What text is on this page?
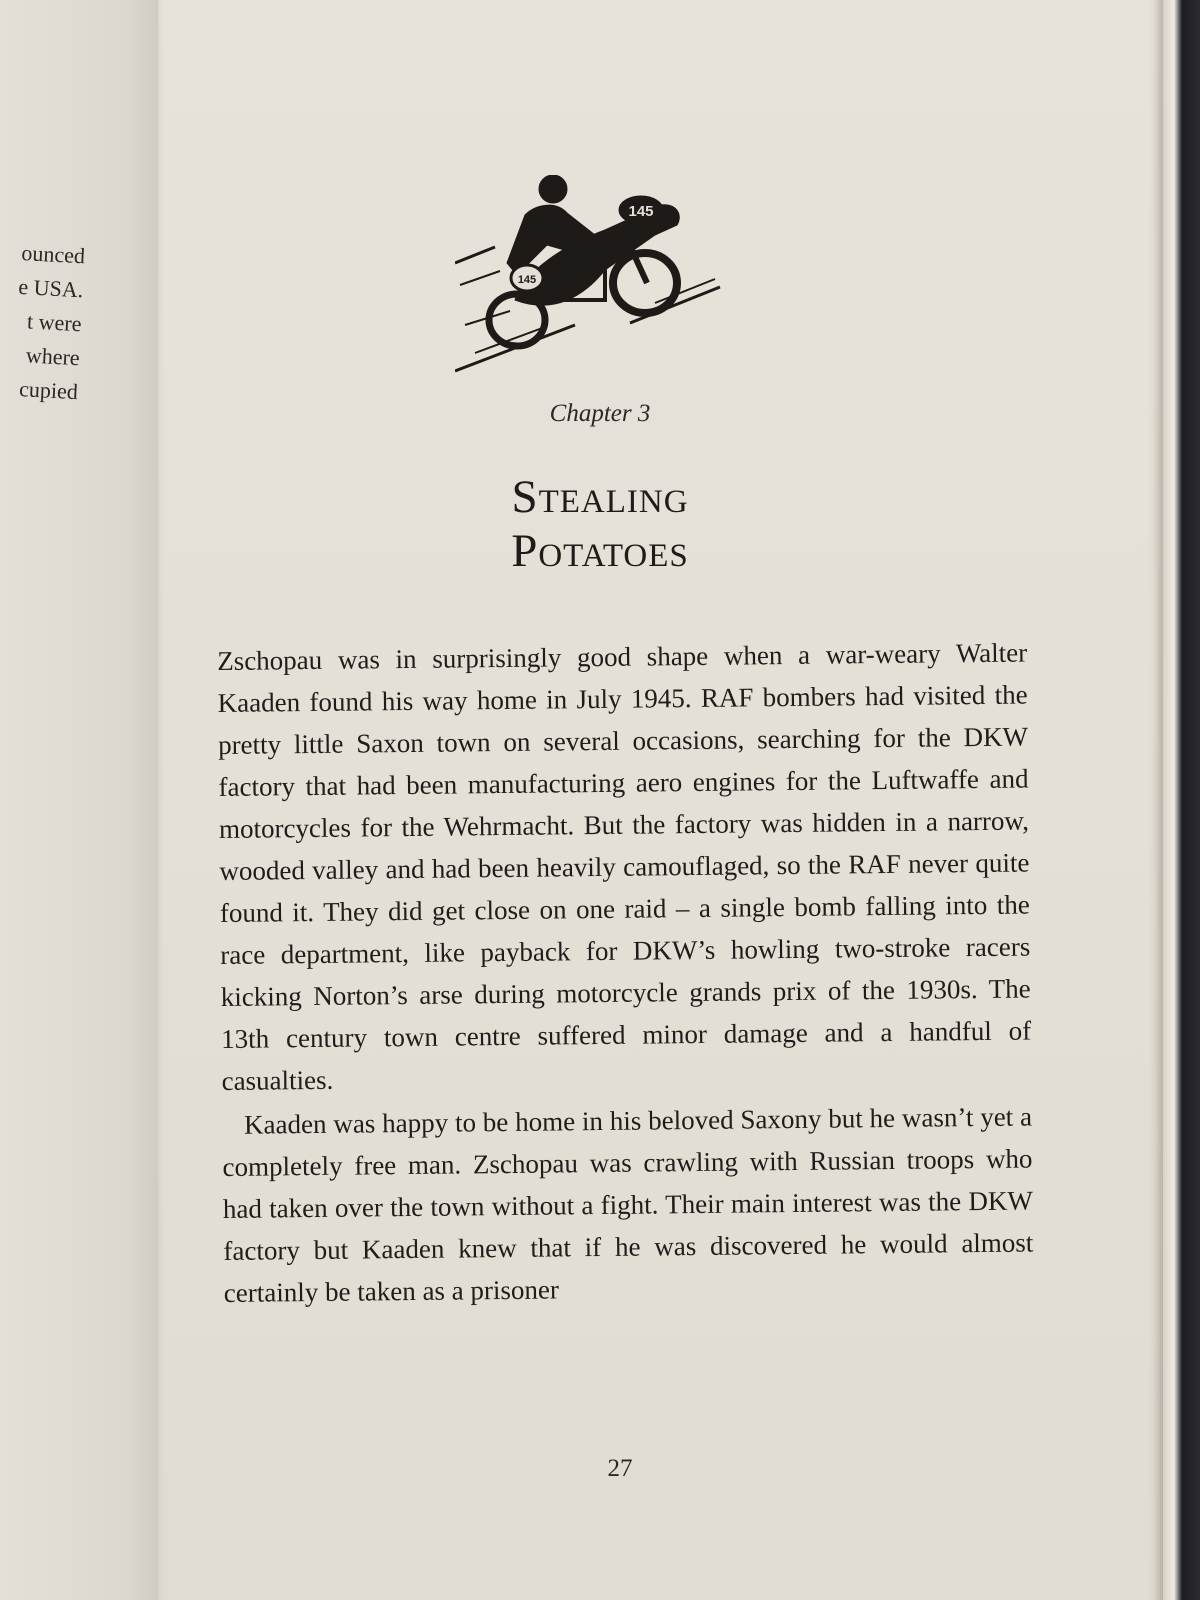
ounced
e USA.
t were
where
cupied
145
145
Chapter 3
Stealing
Potatoes

Zschopau was in surprisingly good shape when a war-weary Walter Kaaden found his way home in July 1945. RAF bombers had visited the pretty little Saxon town on several occasions, searching for the DKW factory that had been manufacturing aero engines for the Luftwaffe and motorcycles for the Wehrmacht. But the factory was hidden in a narrow, wooded valley and had been heavily camouflaged, so the RAF never quite found it. They did get close on one raid – a single bomb falling into the race department, like payback for DKW’s howling two-stroke racers kicking Norton’s arse during motorcycle grands prix of the 1930s. The 13th century town centre suffered minor damage and a handful of casualties.

Kaaden was happy to be home in his beloved Saxony but he wasn’t yet a completely free man. Zschopau was crawling with Russian troops who had taken over the town without a fight. Their main interest was the DKW factory but Kaaden knew that if he was discovered he would almost certainly be taken as a prisoner

27
